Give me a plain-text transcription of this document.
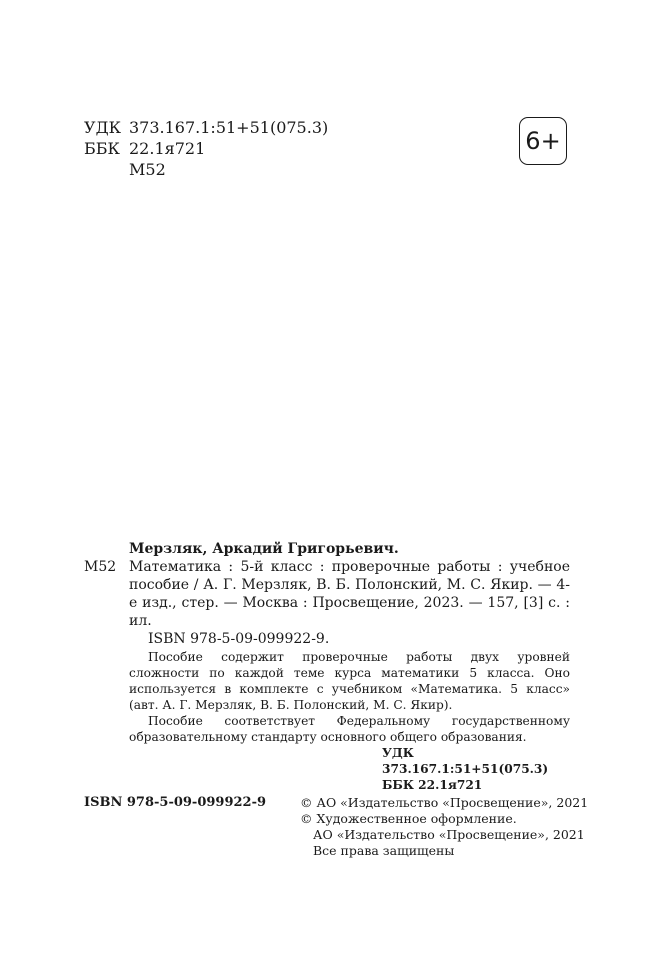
УДК 373.167.1:51+51(075.3)
ББК 22.1я721
М52
6+
Мерзляк, Аркадий Григорьевич.
М52 Математика : 5-й класс : проверочные работы : учебное пособие / А. Г. Мерзляк, В. Б. Полонский, М. С. Якир. — 4-е изд., стер. — Москва : Просвещение, 2023. — 157, [3] с. : ил.
ISBN 978-5-09-099922-9.

Пособие содержит проверочные работы двух уровней сложности по каждой теме курса математики 5 класса. Оно используется в комплекте с учебником «Математика. 5 класс» (авт. А. Г. Мерзляк, В. Б. Полонский, М. С. Якир).

Пособие соответствует Федеральному государственному образовательному стандарту основного общего образования.

УДК 373.167.1:51+51(075.3)
ББК 22.1я721
ISBN 978-5-09-099922-9	© АО «Издательство «Просвещение», 2021
© Художественное оформление.
АО «Издательство «Просвещение», 2021
Все права защищены
